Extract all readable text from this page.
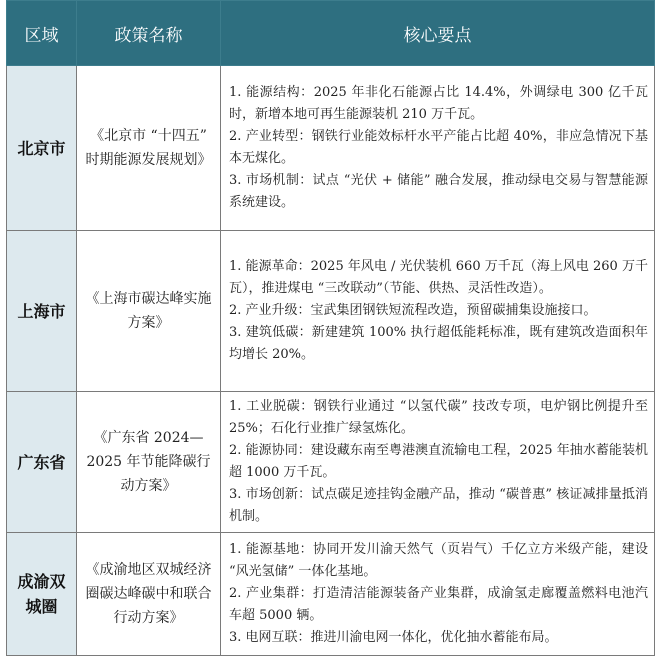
区域	政策名称	核心要点
北京市	《北京市 “十四五” 时期能源发展规划》	1. 能源结构：2025 年非化石能源占比 14.4%，外调绿电 300 亿千瓦时，新增本地可再生能源装机 210 万千瓦。

2. 产业转型：钢铁行业能效标杆水平产能占比超 40%，非应急情况下基本无煤化。

3. 市场机制：试点 “光伏 + 储能” 融合发展，推动绿电交易与智慧能源系统建设。

上海市	《上海市碳达峰实施方案》	1. 能源革命：2025 年风电 / 光伏装机 660 万千瓦（海上风电 260 万千瓦），推进煤电 “三改联动”（节能、供热、灵活性改造）。

2. 产业升级：宝武集团钢铁短流程改造，预留碳捕集设施接口。

3. 建筑低碳：新建建筑 100% 执行超低能耗标准，既有建筑改造面积年均增长 20%。

广东省	《广东省 2024—2025 年节能降碳行动方案》	1. 工业脱碳：钢铁行业通过 “以氢代碳” 技改专项，电炉钢比例提升至 25%；石化行业推广绿氢炼化。

2. 能源协同：建设藏东南至粤港澳直流输电工程，2025 年抽水蓄能装机超 1000 万千瓦。

3. 市场创新：试点碳足迹挂钩金融产品，推动 “碳普惠” 核证减排量抵消机制。

成渝双城圈	《成渝地区双城经济圈碳达峰碳中和联合行动方案》	1. 能源基地：协同开发川渝天然气（页岩气）千亿立方米级产能，建设 “风光氢储” 一体化基地。

2. 产业集群：打造清洁能源装备产业集群，成渝氢走廊覆盖燃料电池汽车超 5000 辆。

3. 电网互联：推进川渝电网一体化，优化抽水蓄能布局。
